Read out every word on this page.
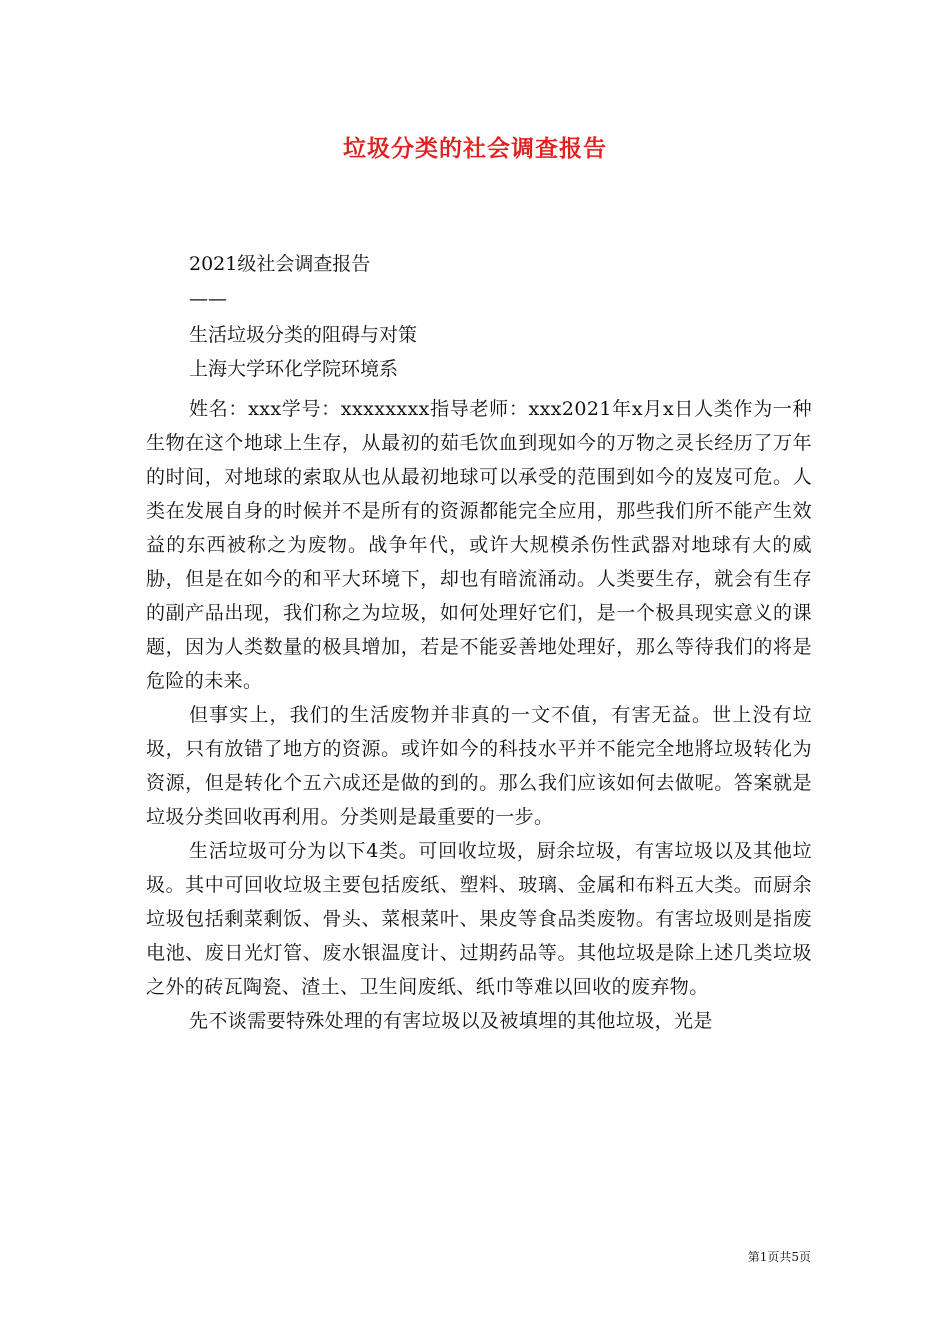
垃圾分类的社会调查报告

2021级社会调查报告

——

生活垃圾分类的阻碍与对策

上海大学环化学院环境系

姓名：xxx学号：xxxxxxxx指导老师：xxx2021年x月x日人类作为一种生物在这个地球上生存，从最初的茹毛饮血到现如今的万物之灵长经历了万年的时间，对地球的索取从也从最初地球可以承受的范围到如今的岌岌可危。人类在发展自身的时候并不是所有的资源都能完全应用，那些我们所不能产生效益的东西被称之为废物。战争年代，或许大规模杀伤性武器对地球有大的威胁，但是在如今的和平大环境下，却也有暗流涌动。人类要生存，就会有生存的副产品出现，我们称之为垃圾，如何处理好它们，是一个极具现实意义的课题，因为人类数量的极具增加，若是不能妥善地处理好，那么等待我们的将是危险的未来。

但事实上，我们的生活废物并非真的一文不值，有害无益。世上没有垃圾，只有放错了地方的资源。或许如今的科技水平并不能完全地將垃圾转化为资源，但是转化个五六成还是做的到的。那么我们应该如何去做呢。答案就是垃圾分类回收再利用。分类则是最重要的一步。

生活垃圾可分为以下4类。可回收垃圾，厨余垃圾，有害垃圾以及其他垃圾。其中可回收垃圾主要包括废纸、塑料、玻璃、金属和布料五大类。而厨余垃圾包括剩菜剩饭、骨头、菜根菜叶、果皮等食品类废物。有害垃圾则是指废电池、废日光灯管、废水银温度计、过期药品等。其他垃圾是除上述几类垃圾之外的砖瓦陶瓷、渣土、卫生间废纸、纸巾等难以回收的废弃物。

先不谈需要特殊处理的有害垃圾以及被填埋的其他垃圾，光是

第1页共5页
